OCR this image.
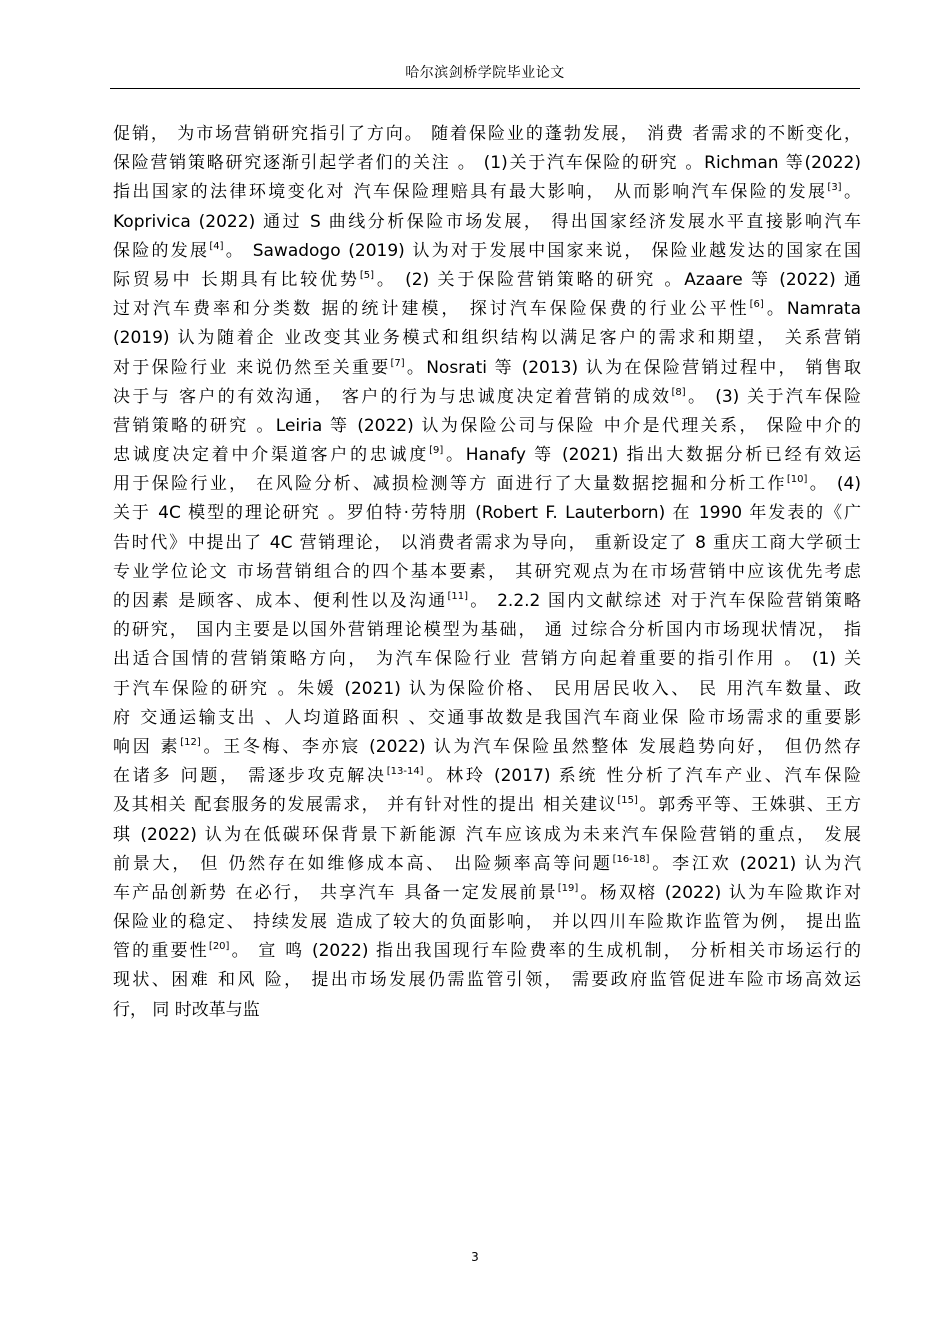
哈尔滨剑桥学院毕业论文
促销， 为市场营销研究指引了方向。 随着保险业的蓬勃发展， 消费 者需求的不断变化，
保险营销策略研究逐渐引起学者们的关注 。 (1)关于汽车保险的研究 。Richman 等(2022)
指出国家的法律环境变化对 汽车保险理赔具有最大影响， 从而影响汽车保险的发展[3]。
Koprivica (2022) 通过 S 曲线分析保险市场发展， 得出国家经济发展水平直接影响汽车
保险的发展[4]。 Sawadogo (2019) 认为对于发展中国家来说， 保险业越发达的国家在国
际贸易中 长期具有比较优势[5]。 (2) 关于保险营销策略的研究 。Azaare 等 (2022) 通
过对汽车费率和分类数 据的统计建模， 探讨汽车保险保费的行业公平性[6]。Namrata
(2019) 认为随着企 业改变其业务模式和组织结构以满足客户的需求和期望， 关系营销
对于保险行业 来说仍然至关重要[7]。Nosrati 等 (2013) 认为在保险营销过程中， 销售取
决于与 客户的有效沟通， 客户的行为与忠诚度决定着营销的成效[8]。 (3) 关于汽车保险
营销策略的研究 。Leiria 等 (2022) 认为保险公司与保险 中介是代理关系， 保险中介的
忠诚度决定着中介渠道客户的忠诚度[9]。Hanafy 等 (2021) 指出大数据分析已经有效运
用于保险行业， 在风险分析、减损检测等方 面进行了大量数据挖掘和分析工作[10]。 (4)
关于 4C 模型的理论研究 。罗伯特·劳特朋 (Robert F. Lauterborn) 在 1990 年发表的《广
告时代》中提出了 4C 营销理论， 以消费者需求为导向， 重新设定了 8 重庆工商大学硕士
专业学位论文 市场营销组合的四个基本要素， 其研究观点为在市场营销中应该优先考虑
的因素 是顾客、成本、便利性以及沟通[11]。 2.2.2 国内文献综述 对于汽车保险营销策略
的研究， 国内主要是以国外营销理论模型为基础， 通 过综合分析国内市场现状情况， 指
出适合国情的营销策略方向， 为汽车保险行业 营销方向起着重要的指引作用 。 (1) 关
于汽车保险的研究 。朱媛 (2021) 认为保险价格、 民用居民收入、 民 用汽车数量、政
府 交通运输支出 、人均道路面积 、交通事故数是我国汽车商业保 险市场需求的重要影
响因 素[12]。王冬梅、李亦宸 (2022) 认为汽车保险虽然整体 发展趋势向好， 但仍然存
在诸多 问题， 需逐步攻克解决[13-14]。林玲 (2017) 系统 性分析了汽车产业、汽车保险
及其相关 配套服务的发展需求， 并有针对性的提出 相关建议[15]。郭秀平等、王姝骐、王方
琪 (2022) 认为在低碳环保背景下新能源 汽车应该成为未来汽车保险营销的重点， 发展
前景大， 但 仍然存在如维修成本高、 出险频率高等问题[16-18]。李江欢 (2021) 认为汽
车产品创新势 在必行， 共享汽车 具备一定发展前景[19]。杨双榕 (2022) 认为车险欺诈对
保险业的稳定、 持续发展 造成了较大的负面影响， 并以四川车险欺诈监管为例， 提出监
管的重要性[20]。 宣 鸣 (2022) 指出我国现行车险费率的生成机制， 分析相关市场运行的
现状、困难 和风 险， 提出市场发展仍需监管引领， 需要政府监管促进车险市场高效运
行， 同 时改革与监
3
